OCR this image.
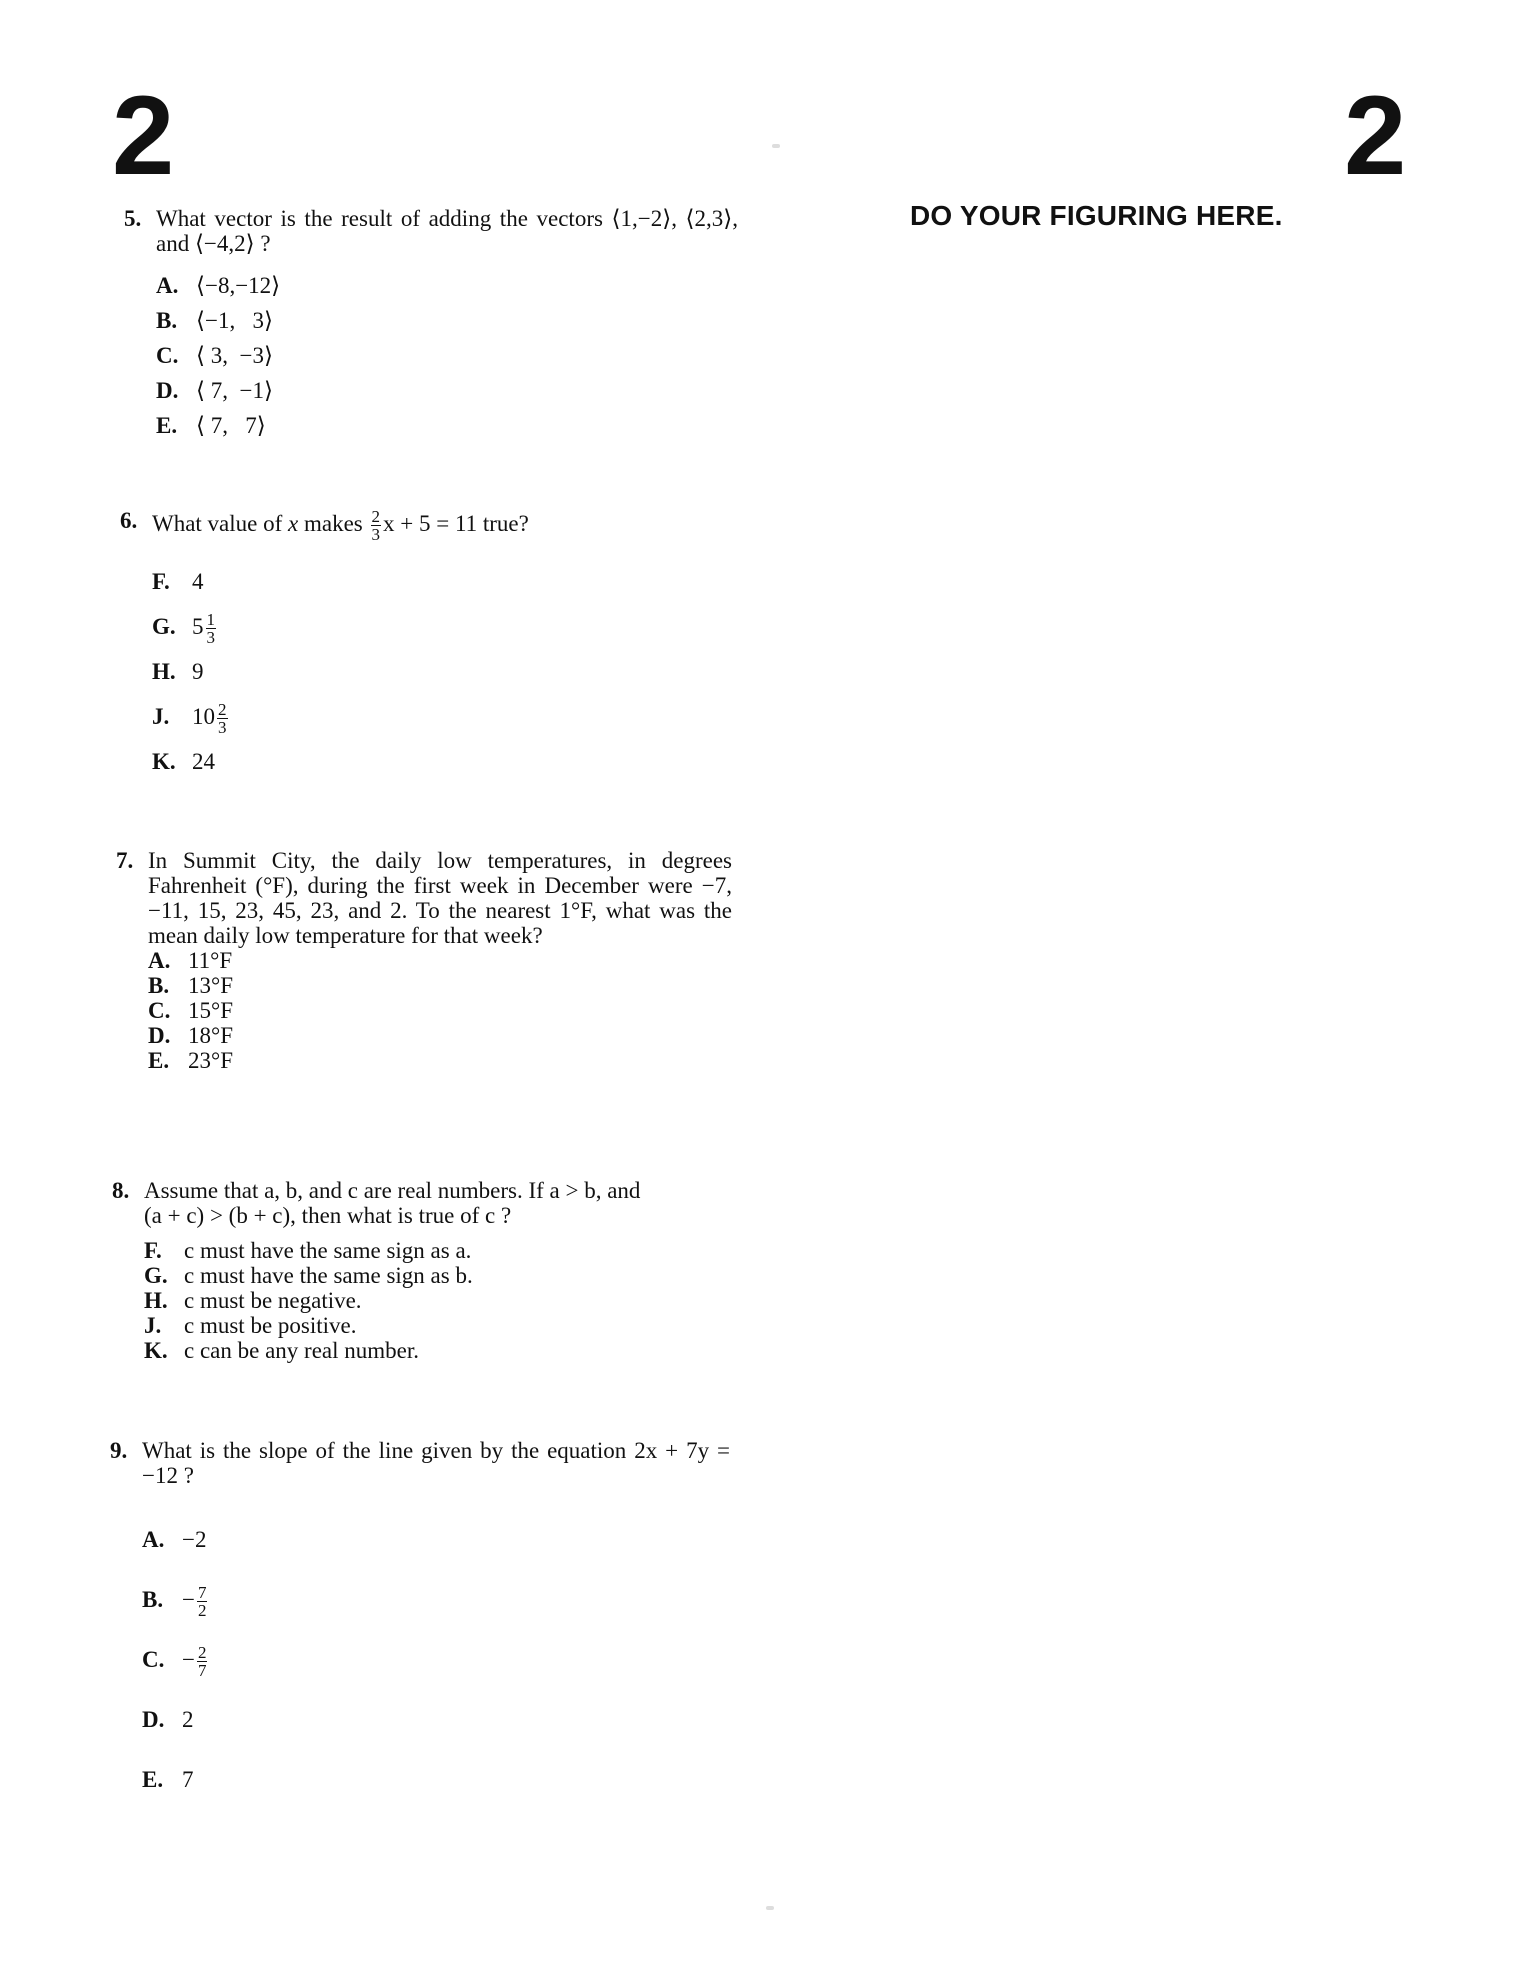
2	2
DO YOUR FIGURING HERE.
5. What vector is the result of adding the vectors ⟨1,−2⟩, ⟨2,3⟩, and ⟨−4,2⟩ ?
A. ⟨−8,−12⟩
B. ⟨−1,   3⟩
C. ⟨ 3,  −3⟩
D. ⟨ 7,  −1⟩
E. ⟨ 7,   7⟩
6. What value of x makes $\frac{2}{3}$ x + 5 = 11 true?
F. 4
G. $5 \frac{1}{3}$
H. 9
J. $10 \frac{2}{3}$
K. 24
7. In Summit City, the daily low temperatures, in degrees Fahrenheit (°F), during the first week in December were −7, −11, 15, 23, 45, 23, and 2. To the nearest 1°F, what was the mean daily low temperature for that week?
A. 11°F
B. 13°F
C. 15°F
D. 18°F
E. 23°F
8. Assume that a, b, and c are real numbers. If a > b, and
(a + c) > (b + c), then what is true of c ?
F. c must have the same sign as a.
G. c must have the same sign as b.
H. c must be negative.
J. c must be positive.
K. c can be any real number.
9. What is the slope of the line given by the equation 2x + 7y = −12 ?
A. −2
B. − $\frac{7}{2}$
C. − $\frac{2}{7}$
D. 2
E. 7
